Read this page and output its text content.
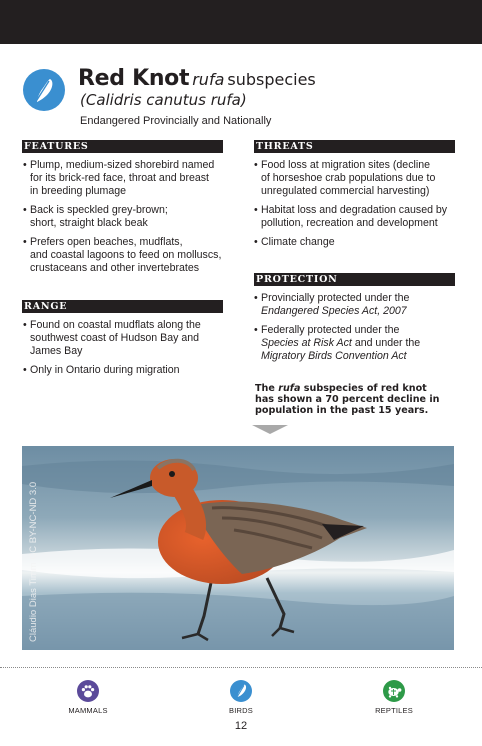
Red Knot rufa subspecies
(Calidris canutus rufa)
Endangered Provincially and Nationally
FEATURES
• Plump, medium-sized shorebird named
for its brick-red face, throat and breast
in breeding plumage
• Back is speckled grey-brown;
short, straight black beak
• Prefers open beaches, mudflats,
and coastal lagoons to feed on molluscs,
crustaceans and other invertebrates
RANGE
• Found on coastal mudflats along the
southwest coast of Hudson Bay and
James Bay
• Only in Ontario during migration
THREATS
• Food loss at migration sites (decline
of horseshoe crab populations due to
unregulated commercial harvesting)
• Habitat loss and degradation caused by
pollution, recreation and development
• Climate change
PROTECTION
• Provincially protected under the
Endangered Species Act, 2007
• Federally protected under the
Species at Risk Act and under the
Migratory Birds Convention Act
The rufa subspecies of red knot
has shown a 70 percent decline in
population in the past 15 years.
Cláudio Dias Timm CC BY-NC-ND 3.0
MAMMALS	BIRDS	REPTILES
12
